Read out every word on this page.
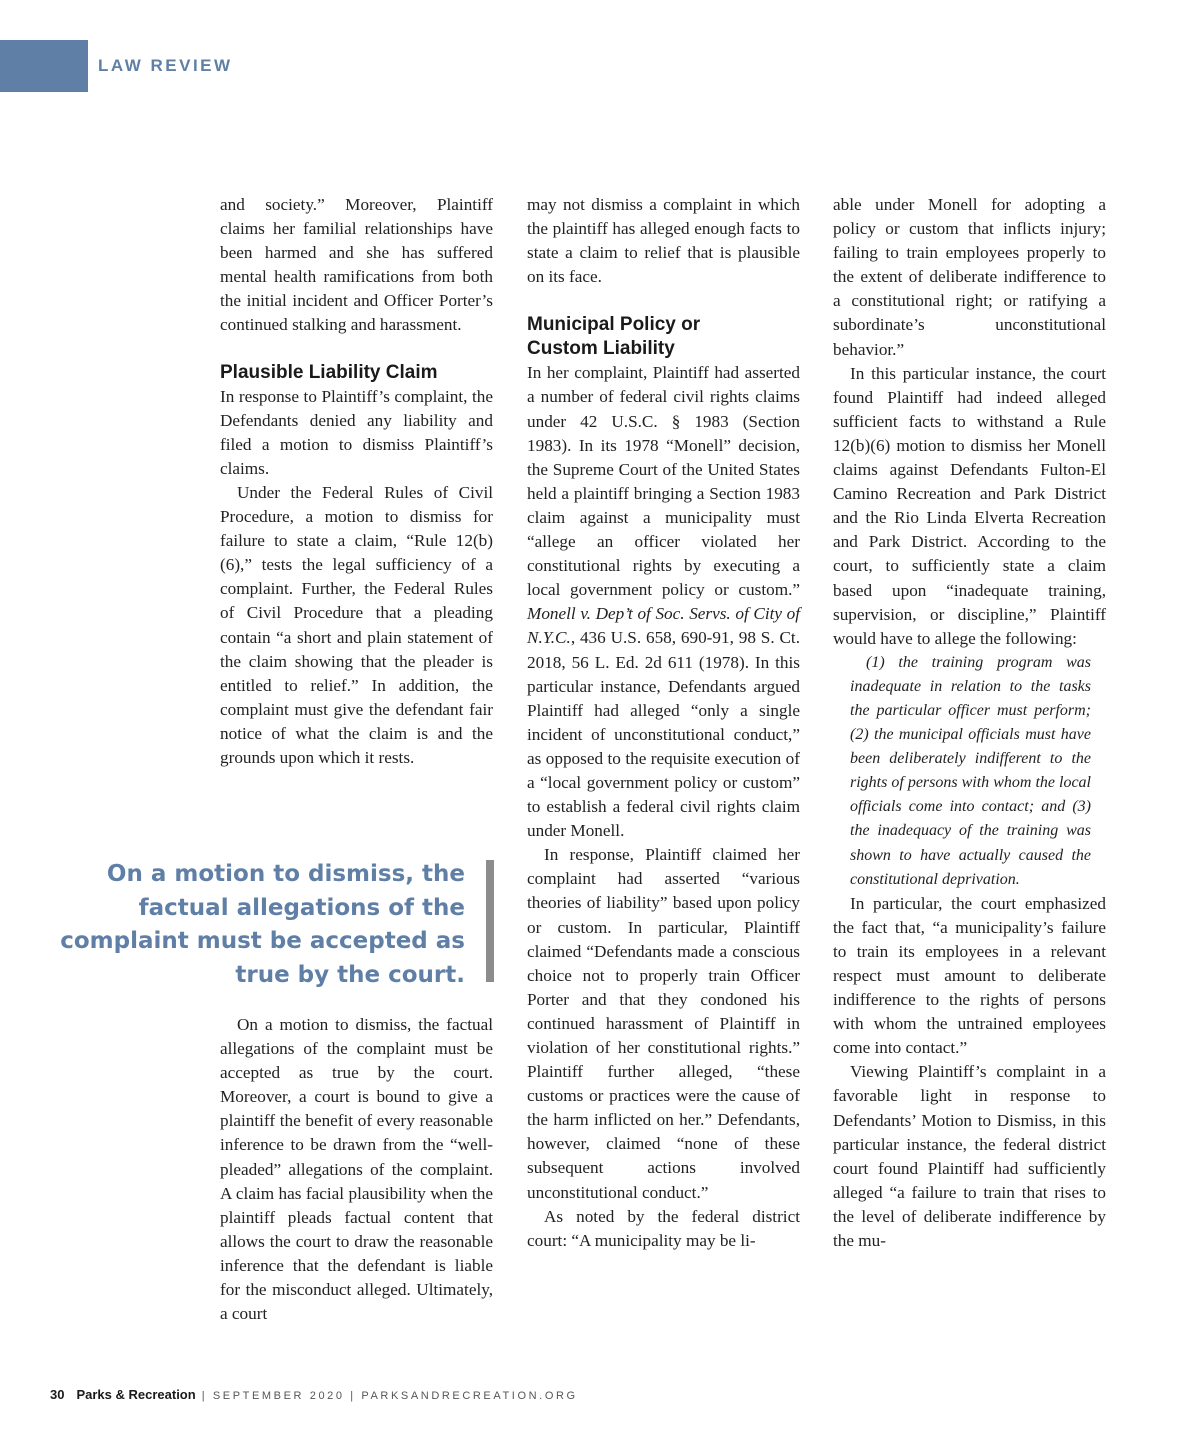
LAW REVIEW

and society.” Moreover, Plaintiff claims her familial relationships have been harmed and she has suffered mental health ramifications from both the initial incident and Officer Porter’s continued stalking and harassment.

Plausible Liability Claim

In response to Plaintiff’s complaint, the Defendants denied any liability and filed a motion to dismiss Plaintiff’s claims.

Under the Federal Rules of Civil Procedure, a motion to dismiss for failure to state a claim, “Rule 12(b)(6),” tests the legal sufficiency of a complaint. Further, the Federal Rules of Civil Procedure that a pleading contain “a short and plain statement of the claim showing that the pleader is entitled to relief.” In addition, the complaint must give the defendant fair notice of what the claim is and the grounds upon which it rests.

On a motion to dismiss, the factual allegations of the complaint must be accepted as true by the court.

On a motion to dismiss, the factual allegations of the complaint must be accepted as true by the court. Moreover, a court is bound to give a plaintiff the benefit of every reasonable inference to be drawn from the “well-pleaded” allegations of the complaint. A claim has facial plausibility when the plaintiff pleads factual content that allows the court to draw the reasonable inference that the defendant is liable for the misconduct alleged. Ultimately, a court

may not dismiss a complaint in which the plaintiff has alleged enough facts to state a claim to relief that is plausible on its face.

Municipal Policy or
Custom Liability

In her complaint, Plaintiff had asserted a number of federal civil rights claims under 42 U.S.C. § 1983 (Section 1983). In its 1978 “Monell” decision, the Supreme Court of the United States held a plaintiff bringing a Section 1983 claim against a municipality must “allege an officer violated her constitutional rights by executing a local government policy or custom.” Monell v. Dep’t of Soc. Servs. of City of N.Y.C., 436 U.S. 658, 690-91, 98 S. Ct. 2018, 56 L. Ed. 2d 611 (1978). In this particular instance, Defendants argued Plaintiff had alleged “only a single incident of unconstitutional conduct,” as opposed to the requisite execution of a “local government policy or custom” to establish a federal civil rights claim under Monell.

In response, Plaintiff claimed her complaint had asserted “various theories of liability” based upon policy or custom. In particular, Plaintiff claimed “Defendants made a conscious choice not to properly train Officer Porter and that they condoned his continued harassment of Plaintiff in violation of her constitutional rights.” Plaintiff further alleged, “these customs or practices were the cause of the harm inflicted on her.” Defendants, however, claimed “none of these subsequent actions involved unconstitutional conduct.”

As noted by the federal district court: “A municipality may be li-

able under Monell for adopting a policy or custom that inflicts injury; failing to train employees properly to the extent of deliberate indifference to a constitutional right; or ratifying a subordinate’s unconstitutional behavior.”

In this particular instance, the court found Plaintiff had indeed alleged sufficient facts to withstand a Rule 12(b)(6) motion to dismiss her Monell claims against Defendants Fulton-El Camino Recreation and Park District and the Rio Linda Elverta Recreation and Park District. According to the court, to sufficiently state a claim based upon “inadequate training, supervision, or discipline,” Plaintiff would have to allege the following:

(1) the training program was inadequate in relation to the tasks the particular officer must perform; (2) the municipal officials must have been deliberately indifferent to the rights of persons with whom the local officials come into contact; and (3) the inadequacy of the training was shown to have actually caused the constitutional deprivation.

In particular, the court emphasized the fact that, “a municipality’s failure to train its employees in a relevant respect must amount to deliberate indifference to the rights of persons with whom the untrained employees come into contact.”

Viewing Plaintiff’s complaint in a favorable light in response to Defendants’ Motion to Dismiss, in this particular instance, the federal district court found Plaintiff had sufficiently alleged “a failure to train that rises to the level of deliberate indifference by the mu-

30 Parks & Recreation | SEPTEMBER 2020 | PARKSANDRECREATION.ORG
